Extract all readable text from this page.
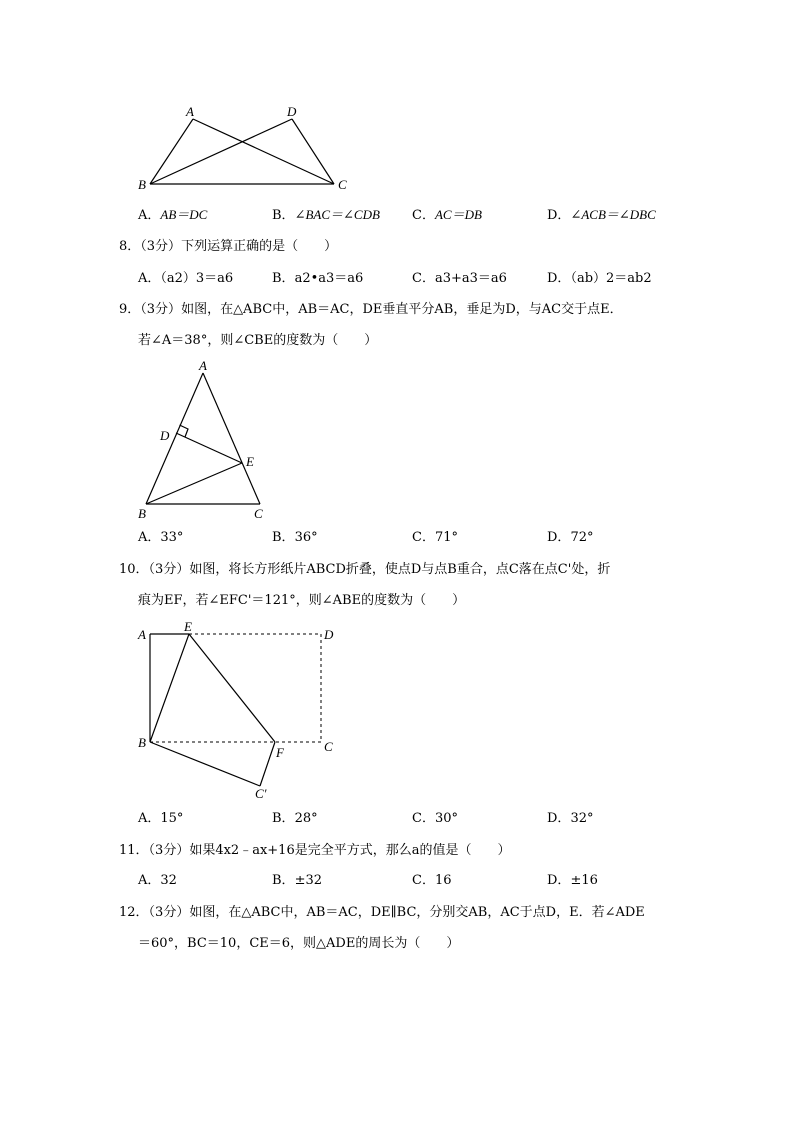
A	D
B	C
A．AB＝DC	B．∠BAC＝∠CDB C．AC＝DB	D．∠ACB＝∠DBC
8．（3分）下列运算正确的是（　　）
A．（a2）3＝a6	B．a2•a3＝a6	C．a3+a3＝a6	D．（ab）2＝ab2
9．（3分）如图，在△ABC中，AB＝AC，DE垂直平分AB，垂足为D，与AC交于点E．
若∠A＝38°，则∠CBE的度数为（　　）
A
D
E
B	C
A．33°	B．36°	C．71°	D．72°
10．（3分）如图，将长方形纸片ABCD折叠，使点D与点B重合，点C落在点C'处，折
痕为EF，若∠EFC'＝121°，则∠ABE的度数为（　　）
A
E
D
B
F	C
C′
A．15°	B．28°	C．30°	D．32°
11．（3分）如果4x2﹣ax+16是完全平方式，那么a的值是（　　）
A．32	B．±32	C．16	D．±16
12．（3分）如图，在△ABC中，AB＝AC，DE∥BC，分别交AB，AC于点D，E．若∠ADE
＝60°，BC＝10，CE＝6，则△ADE的周长为（　　）
